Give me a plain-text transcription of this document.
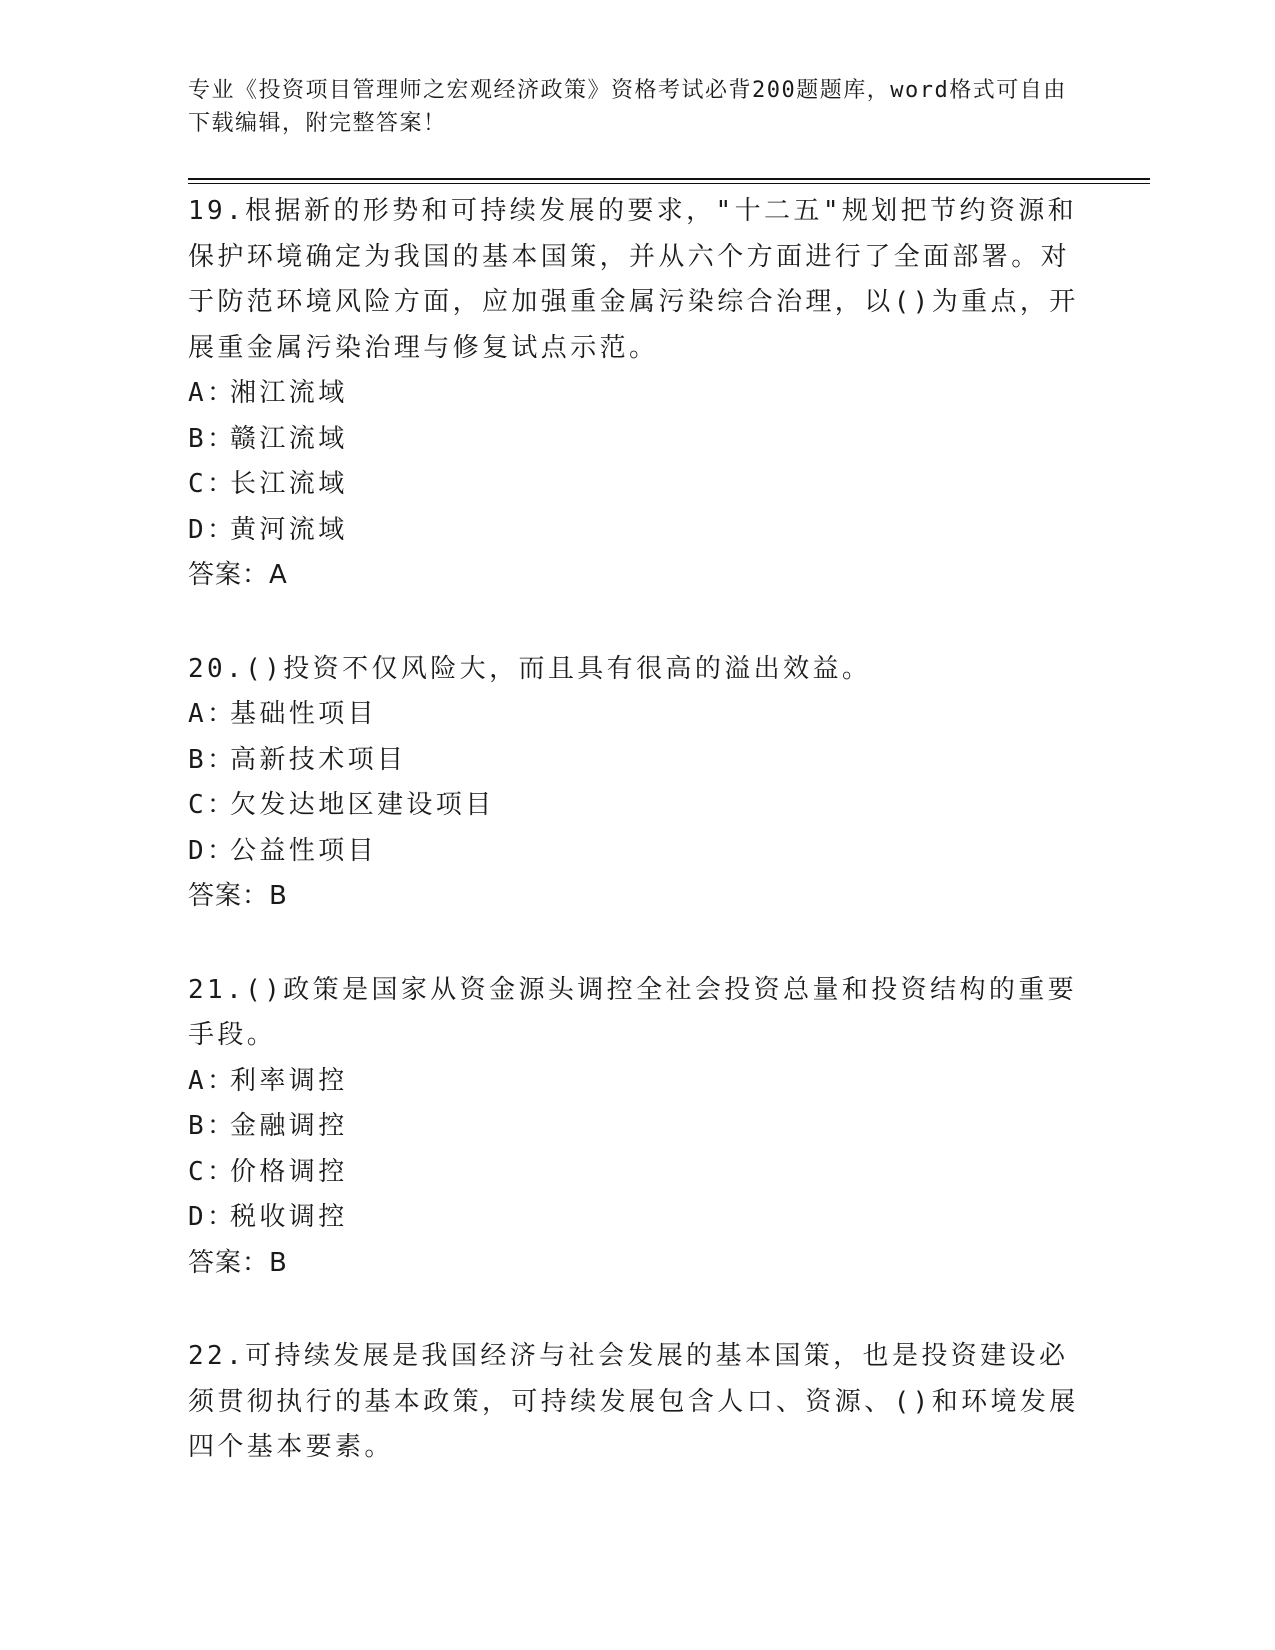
专业《投资项目管理师之宏观经济政策》资格考试必背200题题库，word格式可自由下载编辑，附完整答案！

19.根据新的形势和可持续发展的要求，"十二五"规划把节约资源和保护环境确定为我国的基本国策，并从六个方面进行了全面部署。对于防范环境风险方面，应加强重金属污染综合治理，以()为重点，开展重金属污染治理与修复试点示范。

A：湘江流域

B：赣江流域

C：长江流域

D：黄河流域

答案：A

20.()投资不仅风险大，而且具有很高的溢出效益。

A：基础性项目

B：高新技术项目

C：欠发达地区建设项目

D：公益性项目

答案：B

21.()政策是国家从资金源头调控全社会投资总量和投资结构的重要手段。

A：利率调控

B：金融调控

C：价格调控

D：税收调控

答案：B

22.可持续发展是我国经济与社会发展的基本国策，也是投资建设必须贯彻执行的基本政策，可持续发展包含人口、资源、()和环境发展四个基本要素。
